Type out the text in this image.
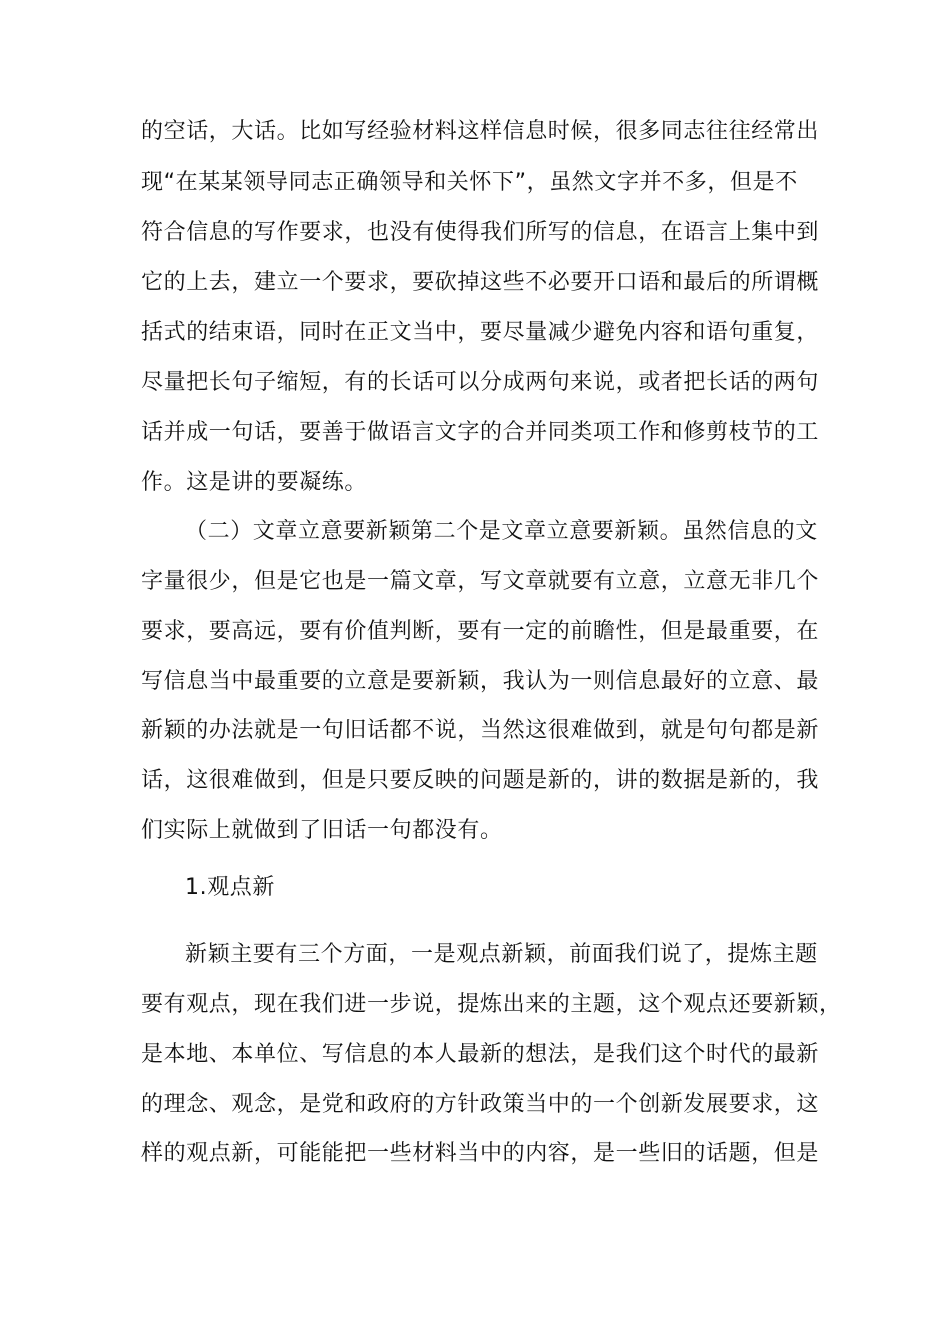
的空话，大话。比如写经验材料这样信息时候，很多同志往往经常出
现“在某某领导同志正确领导和关怀下”，虽然文字并不多，但是不
符合信息的写作要求，也没有使得我们所写的信息，在语言上集中到
它的上去，建立一个要求，要砍掉这些不必要开口语和最后的所谓概
括式的结束语，同时在正文当中，要尽量减少避免内容和语句重复，
尽量把长句子缩短，有的长话可以分成两句来说，或者把长话的两句
话并成一句话，要善于做语言文字的合并同类项工作和修剪枝节的工
作。这是讲的要凝练。
（二）文章立意要新颖第二个是文章立意要新颖。虽然信息的文
字量很少，但是它也是一篇文章，写文章就要有立意，立意无非几个
要求，要高远，要有价值判断，要有一定的前瞻性，但是最重要，在
写信息当中最重要的立意是要新颖，我认为一则信息最好的立意、最
新颖的办法就是一句旧话都不说，当然这很难做到，就是句句都是新
话，这很难做到，但是只要反映的问题是新的，讲的数据是新的，我
们实际上就做到了旧话一句都没有。
1.观点新
新颖主要有三个方面，一是观点新颖，前面我们说了，提炼主题
要有观点，现在我们进一步说，提炼出来的主题，这个观点还要新颖，
是本地、本单位、写信息的本人最新的想法，是我们这个时代的最新
的理念、观念，是党和政府的方针政策当中的一个创新发展要求，这
样的观点新，可能能把一些材料当中的内容，是一些旧的话题，但是
